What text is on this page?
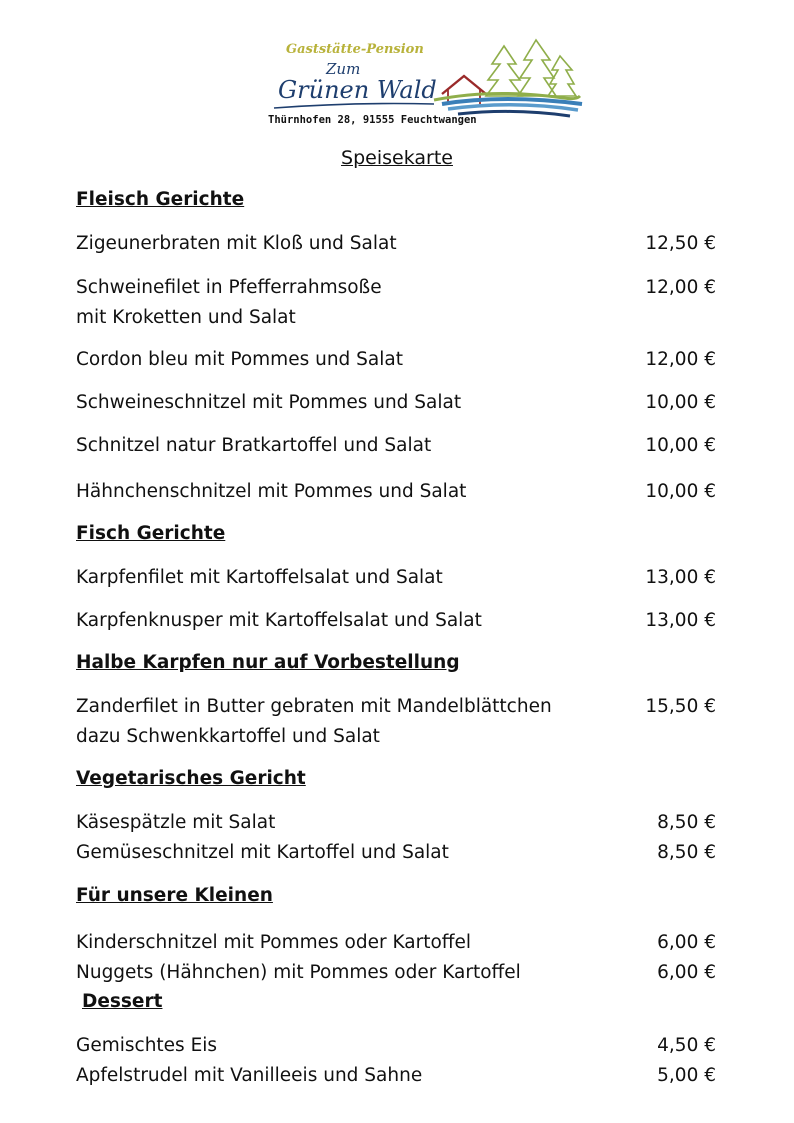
Gaststätte-Pension
Zum
Grünen Wald
Thürnhofen 28, 91555 Feuchtwangen
Speisekarte
Fleisch Gerichte
Zigeunerbraten mit Kloß und Salat	12,50 €
Schweinefilet in Pfefferrahmsoße
mit Kroketten und Salat
12,00 €
Cordon bleu mit Pommes und Salat	12,00 €
Schweineschnitzel mit Pommes und Salat	10,00 €
Schnitzel natur Bratkartoffel und Salat	10,00 €
Hähnchenschnitzel mit Pommes und Salat	10,00 €
Fisch Gerichte
Karpfenfilet mit Kartoffelsalat und Salat	13,00 €
Karpfenknusper mit Kartoffelsalat und Salat	13,00 €
Halbe Karpfen nur auf Vorbestellung
Zanderfilet in Butter gebraten mit Mandelblättchen
dazu Schwenkkartoffel und Salat
15,50 €
Vegetarisches Gericht
Käsespätzle mit Salat	8,50 €
Gemüseschnitzel mit Kartoffel und Salat	8,50 €
Für unsere Kleinen
Kinderschnitzel mit Pommes oder Kartoffel	6,00 €
Nuggets (Hähnchen) mit Pommes oder Kartoffel	6,00 €
Dessert
Gemischtes Eis	4,50 €
Apfelstrudel mit Vanilleeis und Sahne	5,00 €
